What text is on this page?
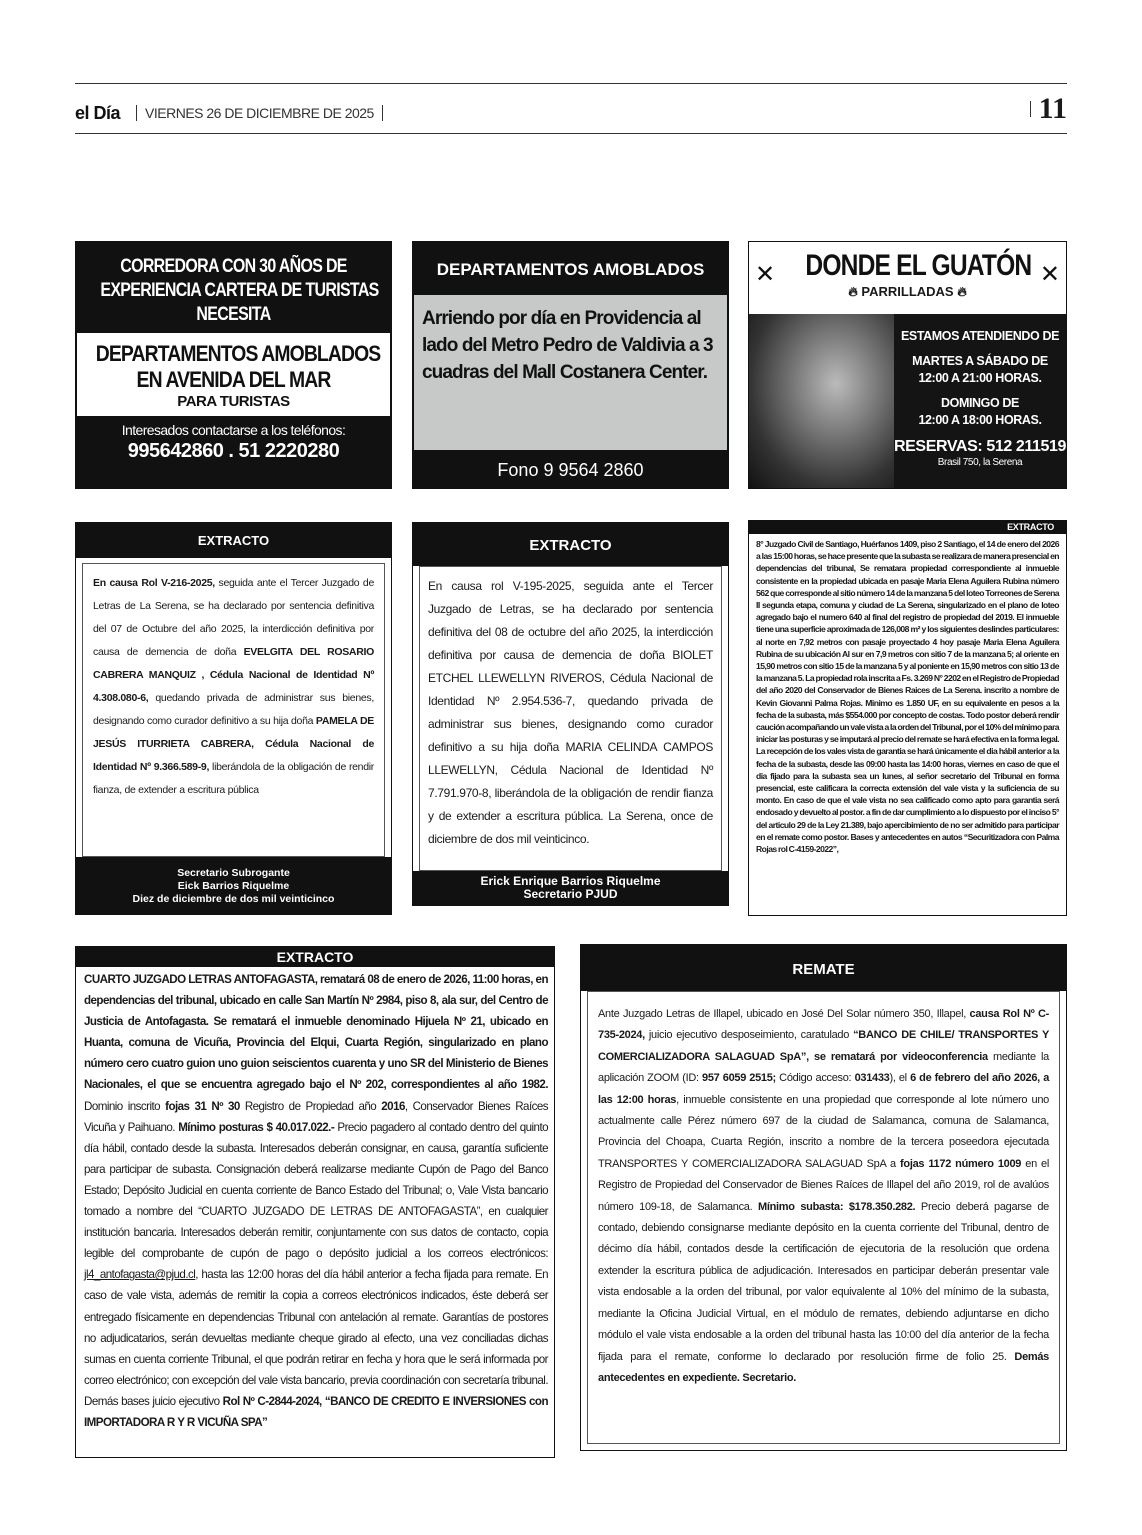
el Día VIERNES 26 DE DICIEMBRE DE 2025	11
CORREDORA CON 30 AÑOS DE
EXPERIENCIA CARTERA DE TURISTAS
NECESITA
DEPARTAMENTOS AMOBLADOS
EN AVENIDA DEL MAR
PARA TURISTAS
Interesados contactarse a los teléfonos:
995642860 . 51 2220280
DEPARTAMENTOS AMOBLADOS
Arriendo por día en Providencia al lado del Metro Pedro de Valdivia a 3 cuadras del Mall Costanera Center.
Fono 9 9564 2860
✕	✕
DONDE EL GUATÓN
🔥︎ PARRILLADAS 🔥︎

ESTAMOS ATENDIENDO DE

MARTES A SÁBADO DE
12:00 A 21:00 HORAS.

DOMINGO DE
12:00 A 18:00 HORAS.

RESERVAS: 512 211519
Brasil 750, la Serena
EXTRACTO
En causa Rol V-216-2025, seguida ante el Tercer Juzgado de Letras de La Serena, se ha declarado por sentencia definitiva del 07 de Octubre del año 2025, la interdicción definitiva por causa de demencia de doña EVELGITA DEL ROSARIO CABRERA MANQUIZ , Cédula Nacional de Identidad Nº 4.308.080-6, quedando privada de administrar sus bienes, designando como curador definitivo a su hija doña PAMELA DE JESÚS ITURRIETA CABRERA, Cédula Nacional de Identidad Nº 9.366.589-9, liberándola de la obligación de rendir fianza, de extender a escritura pública
Secretario Subrogante
Eick Barrios Riquelme
Diez de diciembre de dos mil veinticinco
EXTRACTO
En causa rol V-195-2025, seguida ante el Tercer Juzgado de Letras, se ha declarado por sentencia definitiva del 08 de octubre del año 2025, la interdicción definitiva por causa de demencia de doña BIOLET ETCHEL LLEWELLYN RIVEROS, Cédula Nacional de Identidad Nº 2.954.536-7, quedando privada de administrar sus bienes, designando como curador definitivo a su hija doña MARIA CELINDA CAMPOS LLEWELLYN, Cédula Nacional de Identidad Nº 7.791.970-8, liberándola de la obligación de rendir fianza y de extender a escritura pública. La Serena, once de diciembre de dos mil veinticinco.
Erick Enrique Barrios Riquelme
Secretario PJUD
EXTRACTO
8° Juzgado Civil de Santiago, Huérfanos 1409, piso 2 Santiago, el 14 de enero del 2026 a las 15:00 horas, se hace presente que la subasta se realizara de manera presencial en dependencias del tribunal, Se rematara propiedad correspondiente al inmueble consistente en la propiedad ubicada en pasaje Maria Elena Aguilera Rubina número 562 que corresponde al sitio número 14 de la manzana 5 del loteo Torreones de Serena II segunda etapa, comuna y ciudad de La Serena, singularizado en el plano de loteo agregado bajo el numero 640 al final del registro de propiedad del 2019. El inmueble tiene una superficie aproximada de 126,008 m² y los siguientes deslindes particulares: al norte en 7,92 metros con pasaje proyectado 4 hoy pasaje Maria Elena Aguilera Rubina de su ubicación Al sur en 7,9 metros con sitio 7 de la manzana 5; al oriente en 15,90 metros con sitio 15 de la manzana 5 y al poniente en 15,90 metros con sitio 13 de la manzana 5. La propiedad rola inscrita a Fs. 3.269 N° 2202 en el Registro de Propiedad del año 2020 del Conservador de Bienes Raices de La Serena. inscrito a nombre de Kevin Giovanni Palma Rojas. Minimo es 1.850 UF, en su equivalente en pesos a la fecha de la subasta, más $554.000 por concepto de costas. Todo postor deberá rendir caución acompañando un vale vista a la orden del Tribunal, por el 10% del mínimo para iniciar las posturas y se imputará al precio del remate se hará efectiva en la forma legal. La recepción de los vales vista de garantia se hará únicamente el dia hábil anterior a la fecha de la subasta, desde las 09:00 hasta las 14:00 horas, viernes en caso de que el dia fijado para la subasta sea un lunes, al señor secretario del Tribunal en forma presencial, este calificara la correcta extensión del vale vista y la suficiencia de su monto. En caso de que el vale vista no sea calificado como apto para garantia será endosado y devuelto al postor. a fin de dar cumplimiento a lo dispuesto por el inciso 5° del articulo 29 de la Ley 21.389, bajo apercibimiento de no ser admitido para participar en el remate como postor. Bases y antecedentes en autos “Securitizadora con Palma Rojas rol C-4159-2022”,
EXTRACTO
CUARTO JUZGADO LETRAS ANTOFAGASTA, rematará 08 de enero de 2026, 11:00 horas, en dependencias del tribunal, ubicado en calle San Martín Nº 2984, piso 8, ala sur, del Centro de Justicia de Antofagasta. Se rematará el inmueble denominado Hijuela Nº 21, ubicado en Huanta, comuna de Vicuña, Provincia del Elqui, Cuarta Región, singularizado en plano número cero cuatro guion uno guion seiscientos cuarenta y uno SR del Ministerio de Bienes Nacionales, el que se encuentra agregado bajo el Nº 202, correspondientes al año 1982. Dominio inscrito fojas 31 Nº 30 Registro de Propiedad año 2016, Conservador Bienes Raíces Vicuña y Paihuano. Mínimo posturas $ 40.017.022.- Precio pagadero al contado dentro del quinto día hábil, contado desde la subasta. Interesados deberán consignar, en causa, garantía suficiente para participar de subasta. Consignación deberá realizarse mediante Cupón de Pago del Banco Estado; Depósito Judicial en cuenta corriente de Banco Estado del Tribunal; o, Vale Vista bancario tomado a nombre del “CUARTO JUZGADO DE LETRAS DE ANTOFAGASTA”, en cualquier institución bancaria. Interesados deberán remitir, conjuntamente con sus datos de contacto, copia legible del comprobante de cupón de pago o depósito judicial a los correos electrónicos: jl4_antofagasta@pjud.cl, hasta las 12:00 horas del día hábil anterior a fecha fijada para remate. En caso de vale vista, además de remitir la copia a correos electrónicos indicados, éste deberá ser entregado físicamente en dependencias Tribunal con antelación al remate. Garantías de postores no adjudicatarios, serán devueltas mediante cheque girado al efecto, una vez conciliadas dichas sumas en cuenta corriente Tribunal, el que podrán retirar en fecha y hora que le será informada por correo electrónico; con excepción del vale vista bancario, previa coordinación con secretaría tribunal. Demás bases juicio ejecutivo Rol Nº C-2844-2024, “BANCO DE CREDITO E INVERSIONES con IMPORTADORA R Y R VICUÑA SPA”
REMATE
Ante Juzgado Letras de Illapel, ubicado en José Del Solar número 350, Illapel, causa Rol Nº C-735-2024, juicio ejecutivo desposeimiento, caratulado “BANCO DE CHILE/ TRANSPORTES Y COMERCIALIZADORA SALAGUAD SpA”, se rematará por videoconferencia mediante la aplicación ZOOM (ID: 957 6059 2515; Código acceso: 031433), el 6 de febrero del año 2026, a las 12:00 horas, inmueble consistente en una propiedad que corresponde al lote número uno actualmente calle Pérez número 697 de la ciudad de Salamanca, comuna de Salamanca, Provincia del Choapa, Cuarta Región, inscrito a nombre de la tercera poseedora ejecutada TRANSPORTES Y COMERCIALIZADORA SALAGUAD SpA a fojas 1172 número 1009 en el Registro de Propiedad del Conservador de Bienes Raíces de Illapel del año 2019, rol de avalúos número 109-18, de Salamanca. Mínimo subasta: $178.350.282. Precio deberá pagarse de contado, debiendo consignarse mediante depósito en la cuenta corriente del Tribunal, dentro de décimo día hábil, contados desde la certificación de ejecutoria de la resolución que ordena extender la escritura pública de adjudicación. Interesados en participar deberán presentar vale vista endosable a la orden del tribunal, por valor equivalente al 10% del mínimo de la subasta, mediante la Oficina Judicial Virtual, en el módulo de remates, debiendo adjuntarse en dicho módulo el vale vista endosable a la orden del tribunal hasta las 10:00 del día anterior de la fecha fijada para el remate, conforme lo declarado por resolución firme de folio 25. Demás antecedentes en expediente. Secretario.
